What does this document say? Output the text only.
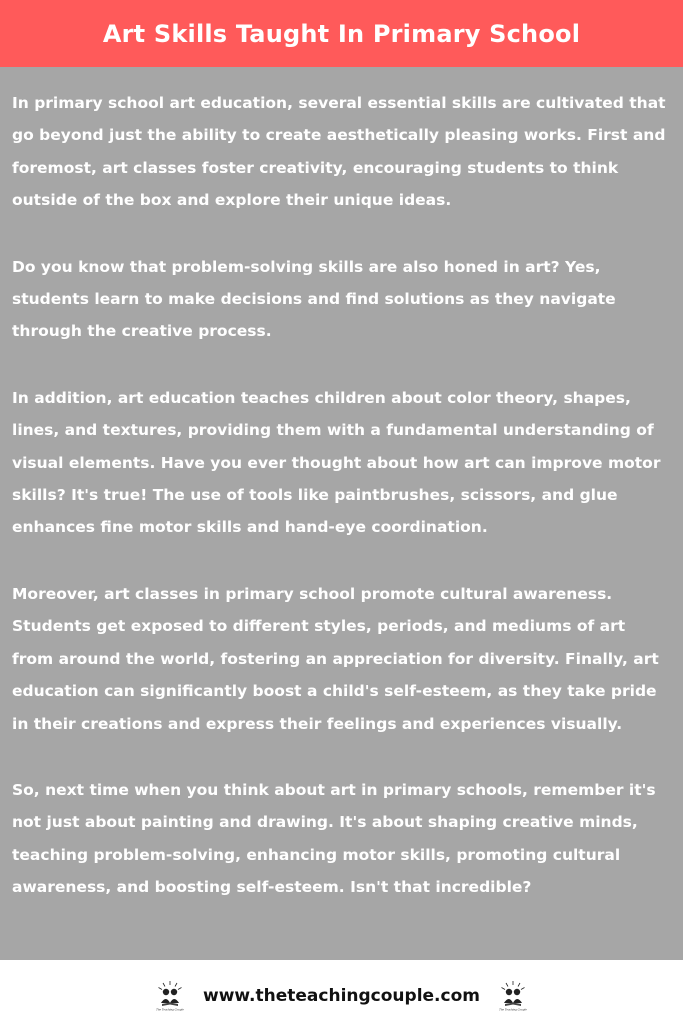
Art Skills Taught In Primary School

In primary school art education, several essential skills are cultivated that go beyond just the ability to create aesthetically pleasing works. First and foremost, art classes foster creativity, encouraging students to think outside of the box and explore their unique ideas.

Do you know that problem-solving skills are also honed in art? Yes, students learn to make decisions and find solutions as they navigate through the creative process.

In addition, art education teaches children about color theory, shapes, lines, and textures, providing them with a fundamental understanding of visual elements. Have you ever thought about how art can improve motor skills? It's true! The use of tools like paintbrushes, scissors, and glue enhances fine motor skills and hand-eye coordination.

Moreover, art classes in primary school promote cultural awareness. Students get exposed to different styles, periods, and mediums of art from around the world, fostering an appreciation for diversity. Finally, art education can significantly boost a child's self-esteem, as they take pride in their creations and express their feelings and experiences visually.

So, next time when you think about art in primary schools, remember it's not just about painting and drawing. It's about shaping creative minds, teaching problem-solving, enhancing motor skills, promoting cultural awareness, and boosting self-esteem. Isn't that incredible?

The Teaching Couple
www.theteachingcouple.com
The Teaching Couple
